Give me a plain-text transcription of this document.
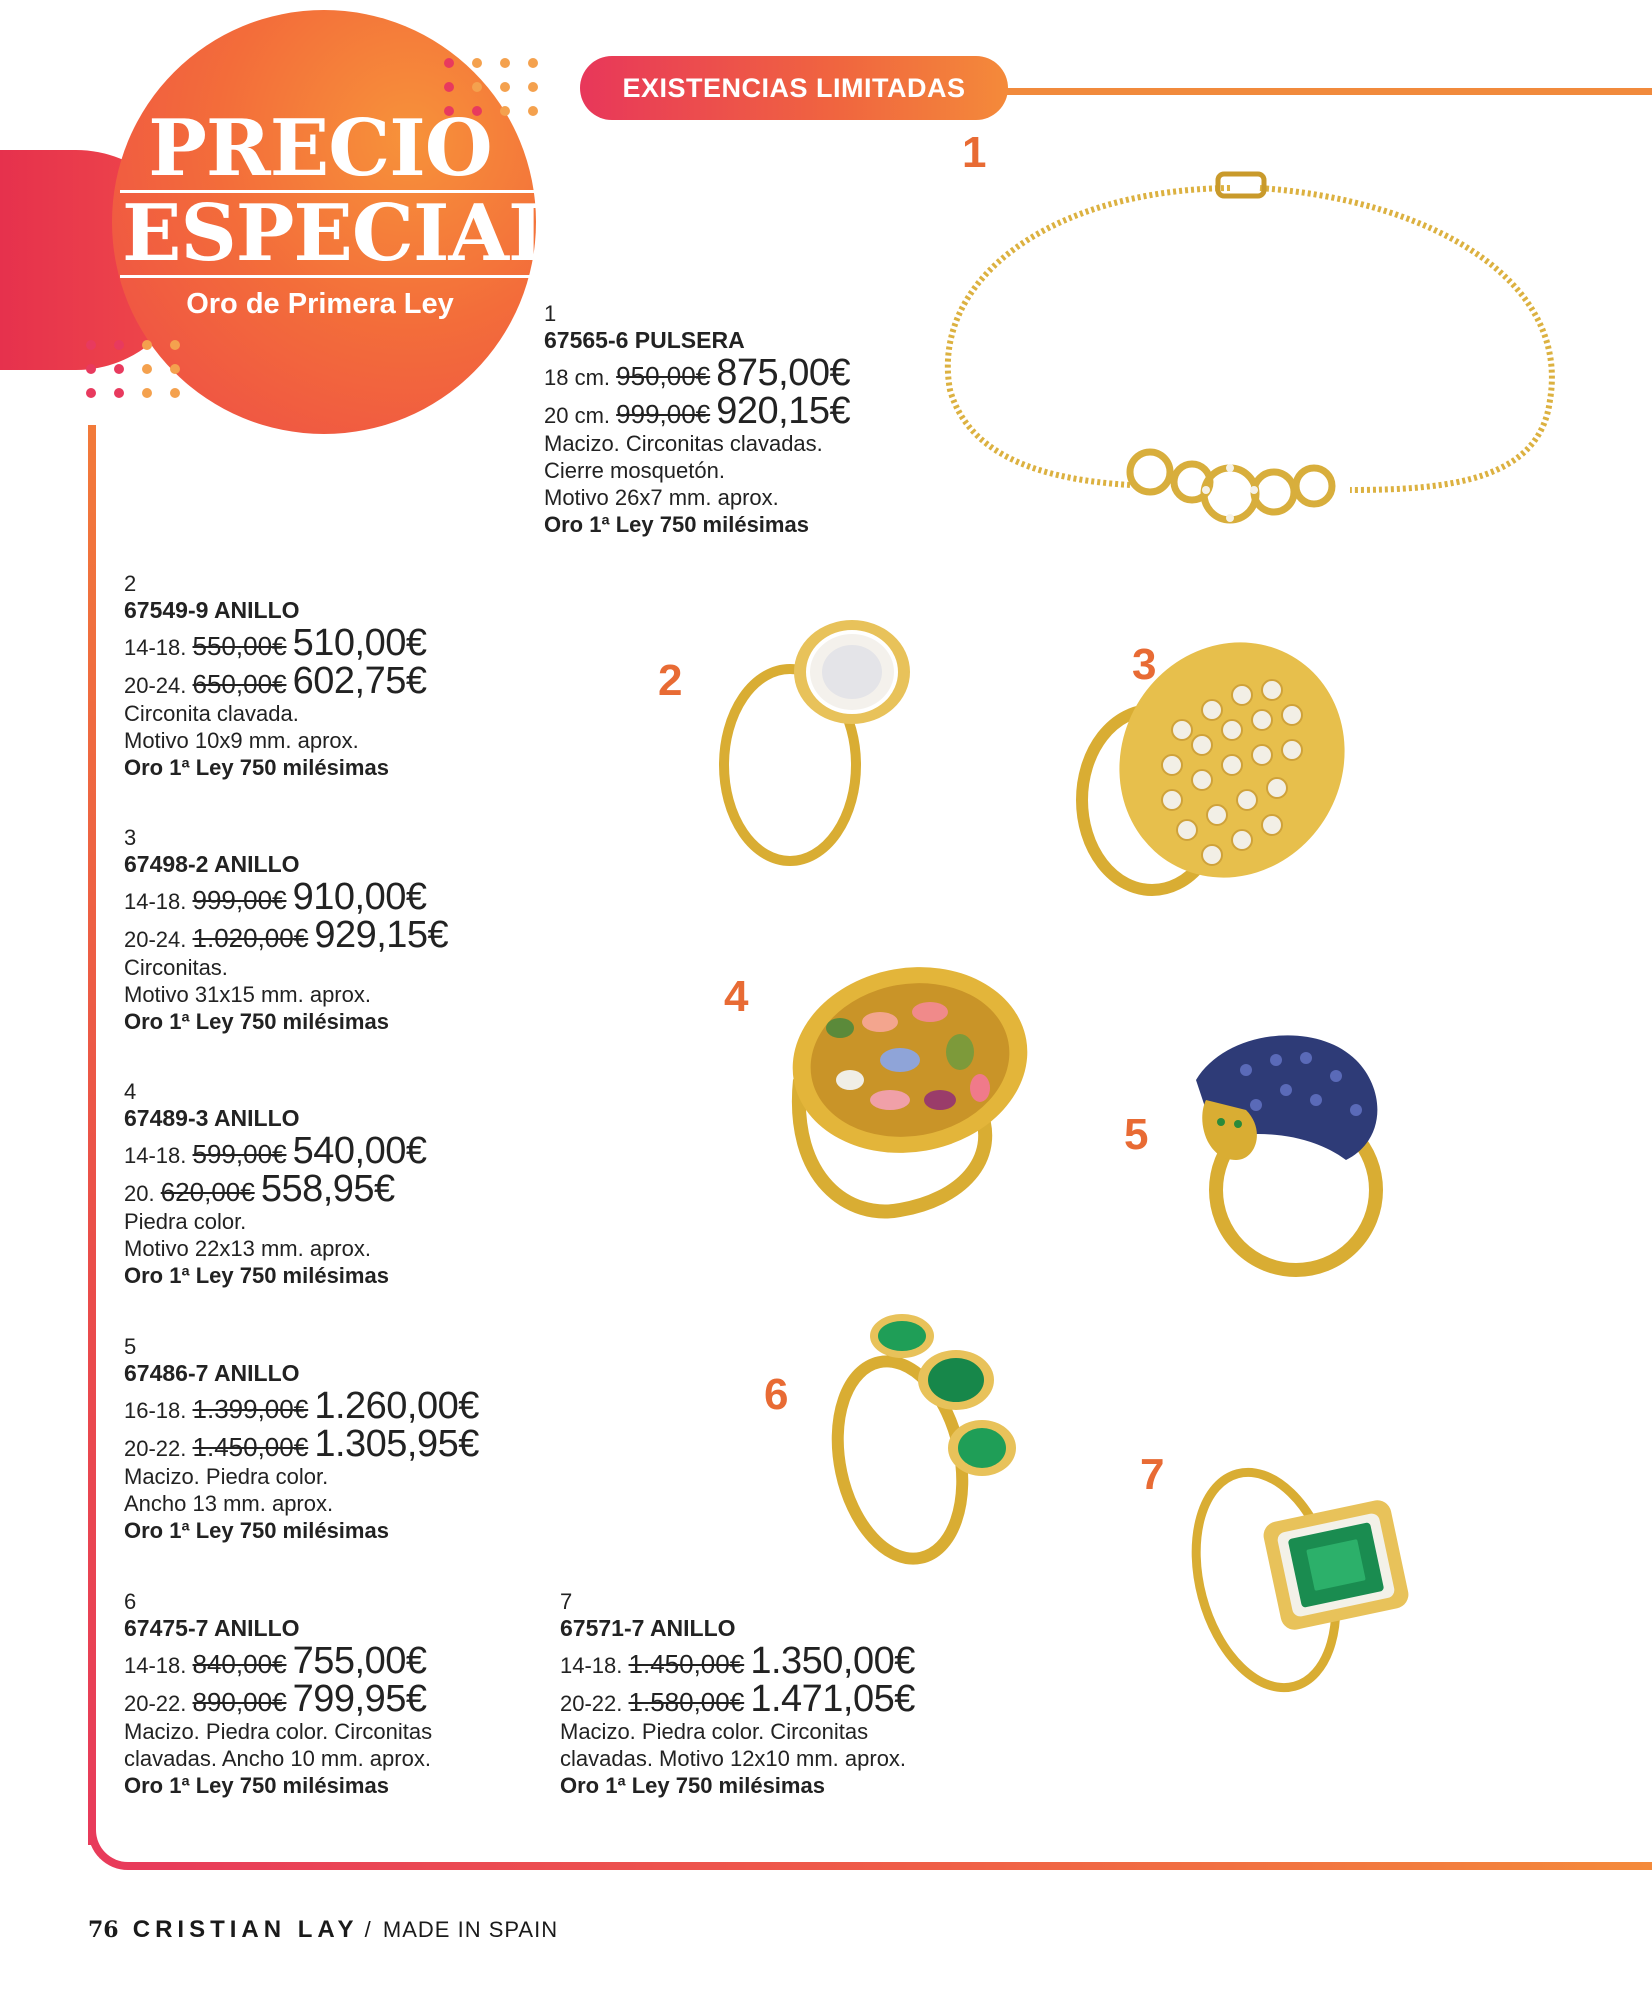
PRECIO
ESPECIAL
Oro de Primera Ley
EXISTENCIAS LIMITADAS
1
67565-6 PULSERA
18 cm. 950,00€ 875,00€
20 cm. 999,00€ 920,15€
Macizo. Circonitas clavadas.
Cierre mosquetón.
Motivo 26x7 mm. aprox.
Oro 1ª Ley 750 milésimas
2
67549-9 ANILLO
14-18. 550,00€ 510,00€
20-24. 650,00€ 602,75€
Circonita clavada.
Motivo 10x9 mm. aprox.
Oro 1ª Ley 750 milésimas
3
67498-2 ANILLO
14-18. 999,00€ 910,00€
20-24. 1.020,00€ 929,15€
Circonitas.
Motivo 31x15 mm. aprox.
Oro 1ª Ley 750 milésimas
4
67489-3 ANILLO
14-18. 599,00€ 540,00€
20. 620,00€ 558,95€
Piedra color.
Motivo 22x13 mm. aprox.
Oro 1ª Ley 750 milésimas
5
67486-7 ANILLO
16-18. 1.399,00€ 1.260,00€
20-22. 1.450,00€ 1.305,95€
Macizo. Piedra color.
Ancho 13 mm. aprox.
Oro 1ª Ley 750 milésimas
6
67475-7 ANILLO
14-18. 840,00€ 755,00€
20-22. 890,00€ 799,95€
Macizo. Piedra color. Circonitas
clavadas. Ancho 10 mm. aprox.
Oro 1ª Ley 750 milésimas
7
67571-7 ANILLO
14-18. 1.450,00€ 1.350,00€
20-22. 1.580,00€ 1.471,05€
Macizo. Piedra color. Circonitas
clavadas. Motivo 12x10 mm. aprox.
Oro 1ª Ley 750 milésimas
1
2	3
4
5
6
7
76 CRISTIAN LAY / MADE IN SPAIN
